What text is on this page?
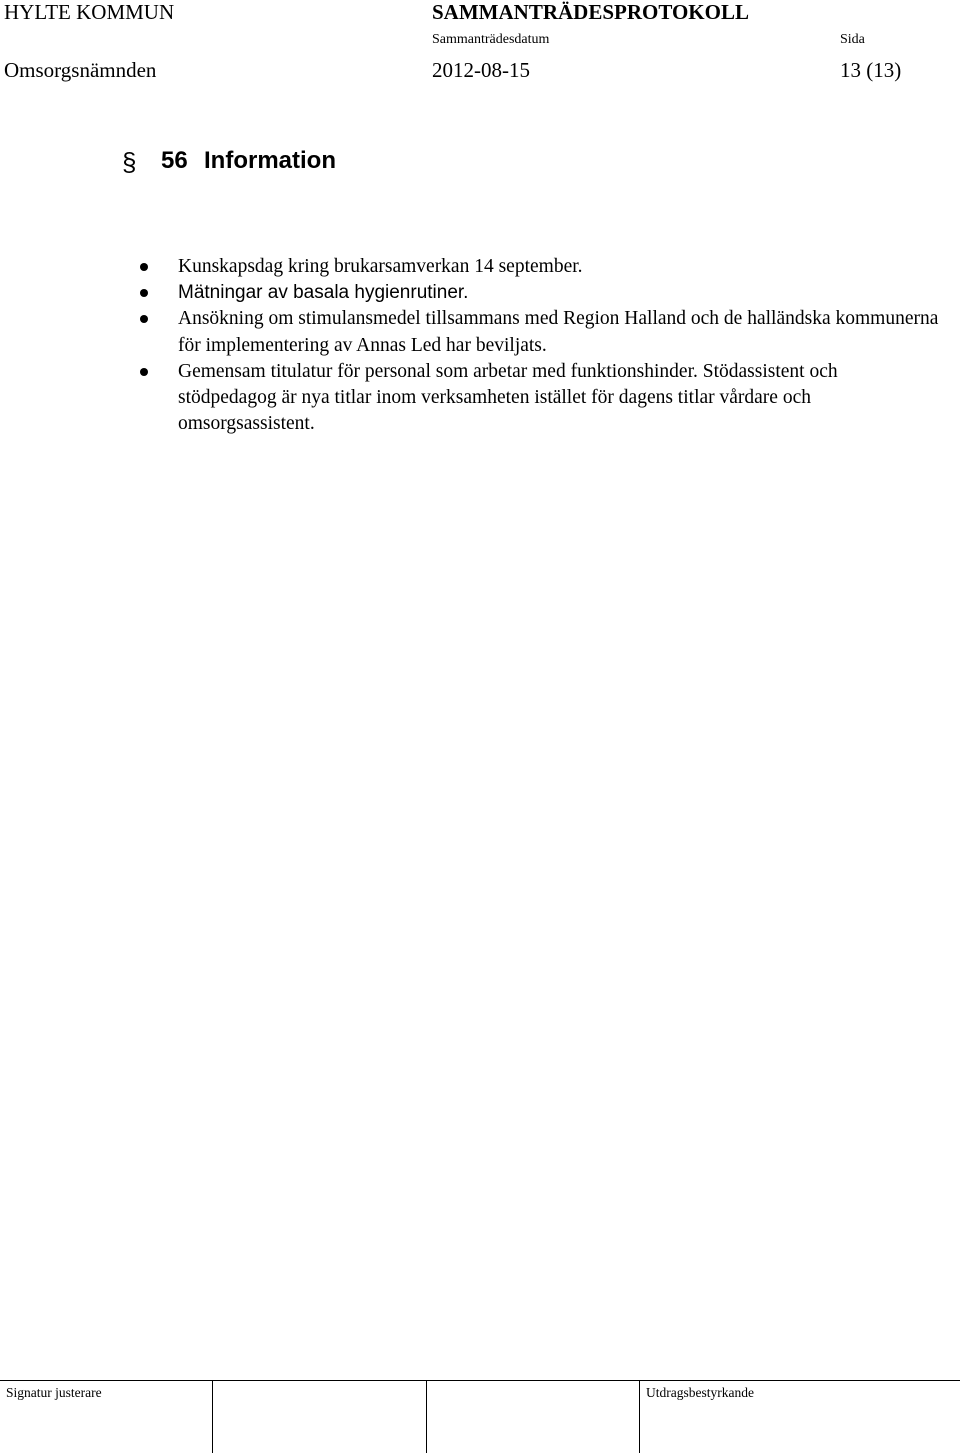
HYLTE KOMMUN	SAMMANTRÄDESPROTOKOLL
Sammanträdesdatum	Sida
Omsorgsnämnden	2012-08-15	13 (13)
§ 56 Information
Kunskapsdag kring brukarsamverkan 14 september.
Mätningar av basala hygienrutiner.
Ansökning om stimulansmedel tillsammans med Region Halland och de halländska kommunerna för implementering av Annas Led har beviljats.
Gemensam titulatur för personal som arbetar med funktionshinder. Stödassistent och stödpedagog är nya titlar inom verksamheten istället för dagens titlar vårdare och omsorgsassistent.
Signatur justerare	Utdragsbestyrkande
